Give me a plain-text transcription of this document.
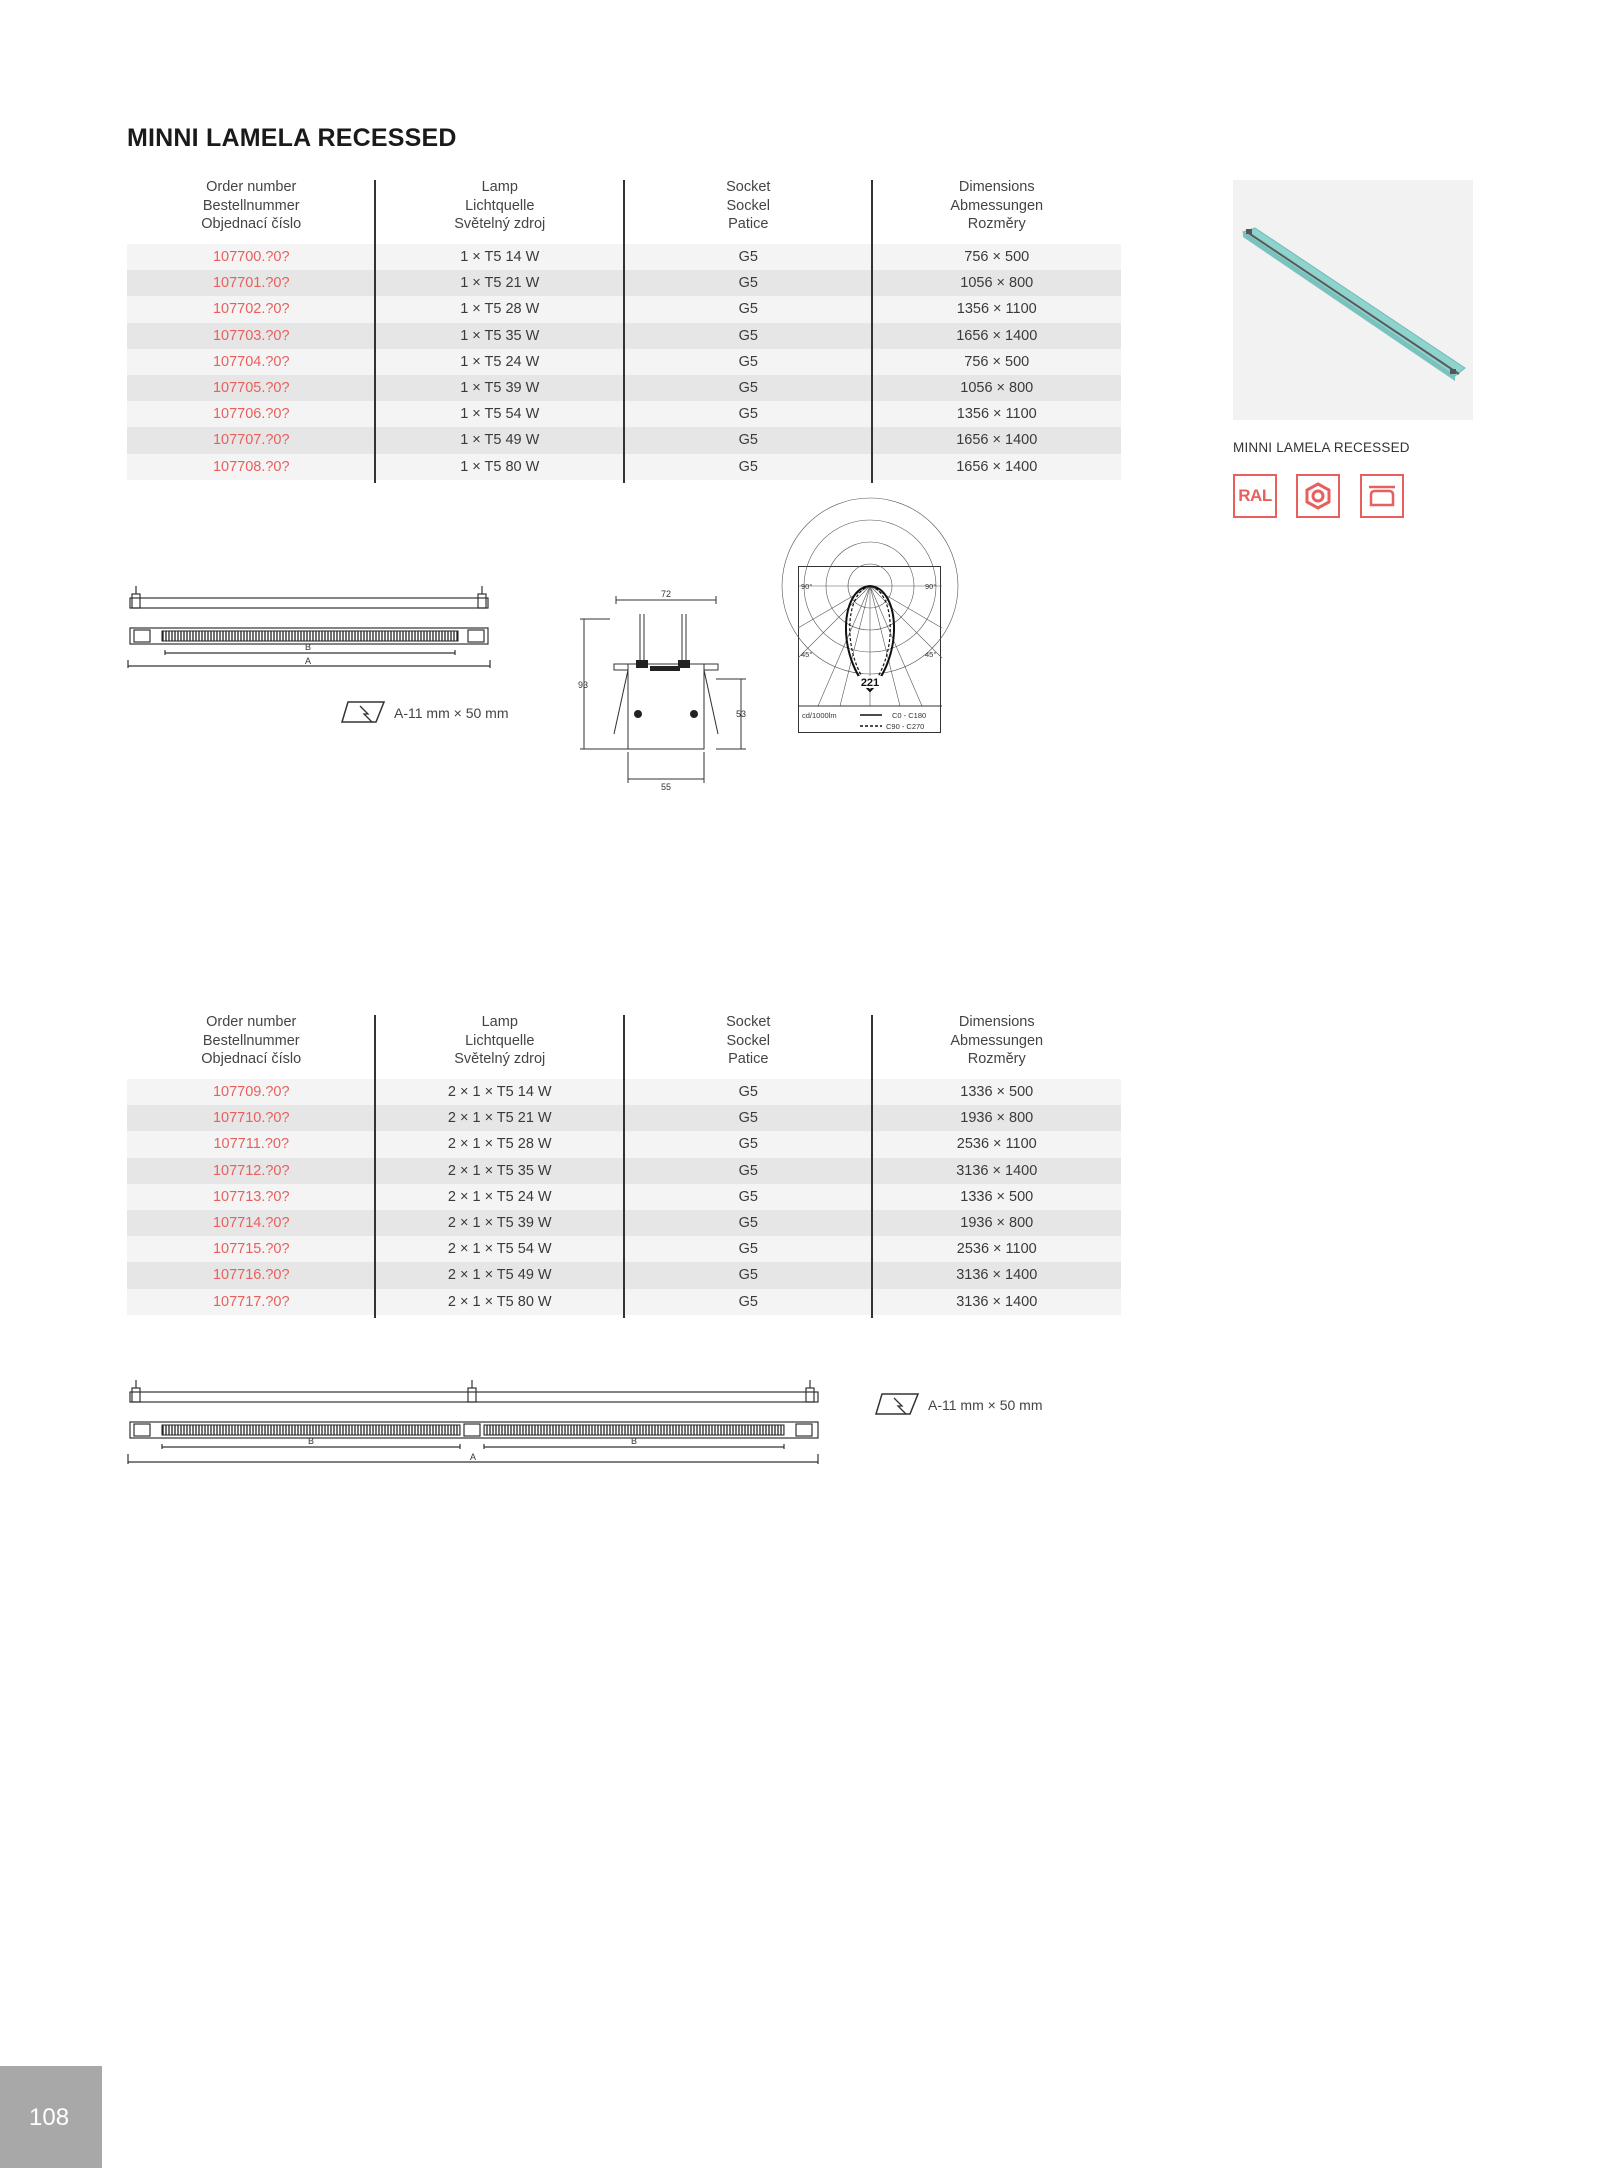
MINNI LAMELA RECESSED
Order number
Bestellnummer
Objednací číslo
Lamp
Lichtquelle
Světelný zdroj
Socket
Sockel
Patice
Dimensions
Abmessungen
Rozměry
107700.?0?	1 × T5 14 W	G5	756 × 500
107701.?0?	1 × T5 21 W	G5	1056 × 800
107702.?0?	1 × T5 28 W	G5	1356 × 1100
107703.?0?	1 × T5 35 W	G5	1656 × 1400
107704.?0?	1 × T5 24 W	G5	756 × 500
107705.?0?	1 × T5 39 W	G5	1056 × 800
107706.?0?	1 × T5 54 W	G5	1356 × 1100
107707.?0?	1 × T5 49 W	G5	1656 × 1400
107708.?0?	1 × T5 80 W	G5	1656 × 1400
MINNI LAMELA RECESSED
RAL
B
A
A-11 mm × 50 mm
72
93
53
55
221
90°	90°
45°	45°
cd/1000lm	C0 - C180
C90 - C270
Order number
Bestellnummer
Objednací číslo
Lamp
Lichtquelle
Světelný zdroj
Socket
Sockel
Patice
Dimensions
Abmessungen
Rozměry
107709.?0?	2 × 1 × T5 14 W	G5	1336 × 500
107710.?0?	2 × 1 × T5 21 W	G5	1936 × 800
107711.?0?	2 × 1 × T5 28 W	G5	2536 × 1100
107712.?0?	2 × 1 × T5 35 W	G5	3136 × 1400
107713.?0?	2 × 1 × T5 24 W	G5	1336 × 500
107714.?0?	2 × 1 × T5 39 W	G5	1936 × 800
107715.?0?	2 × 1 × T5 54 W	G5	2536 × 1100
107716.?0?	2 × 1 × T5 49 W	G5	3136 × 1400
107717.?0?	2 × 1 × T5 80 W	G5	3136 × 1400
B	B
A
A-11 mm × 50 mm
108
